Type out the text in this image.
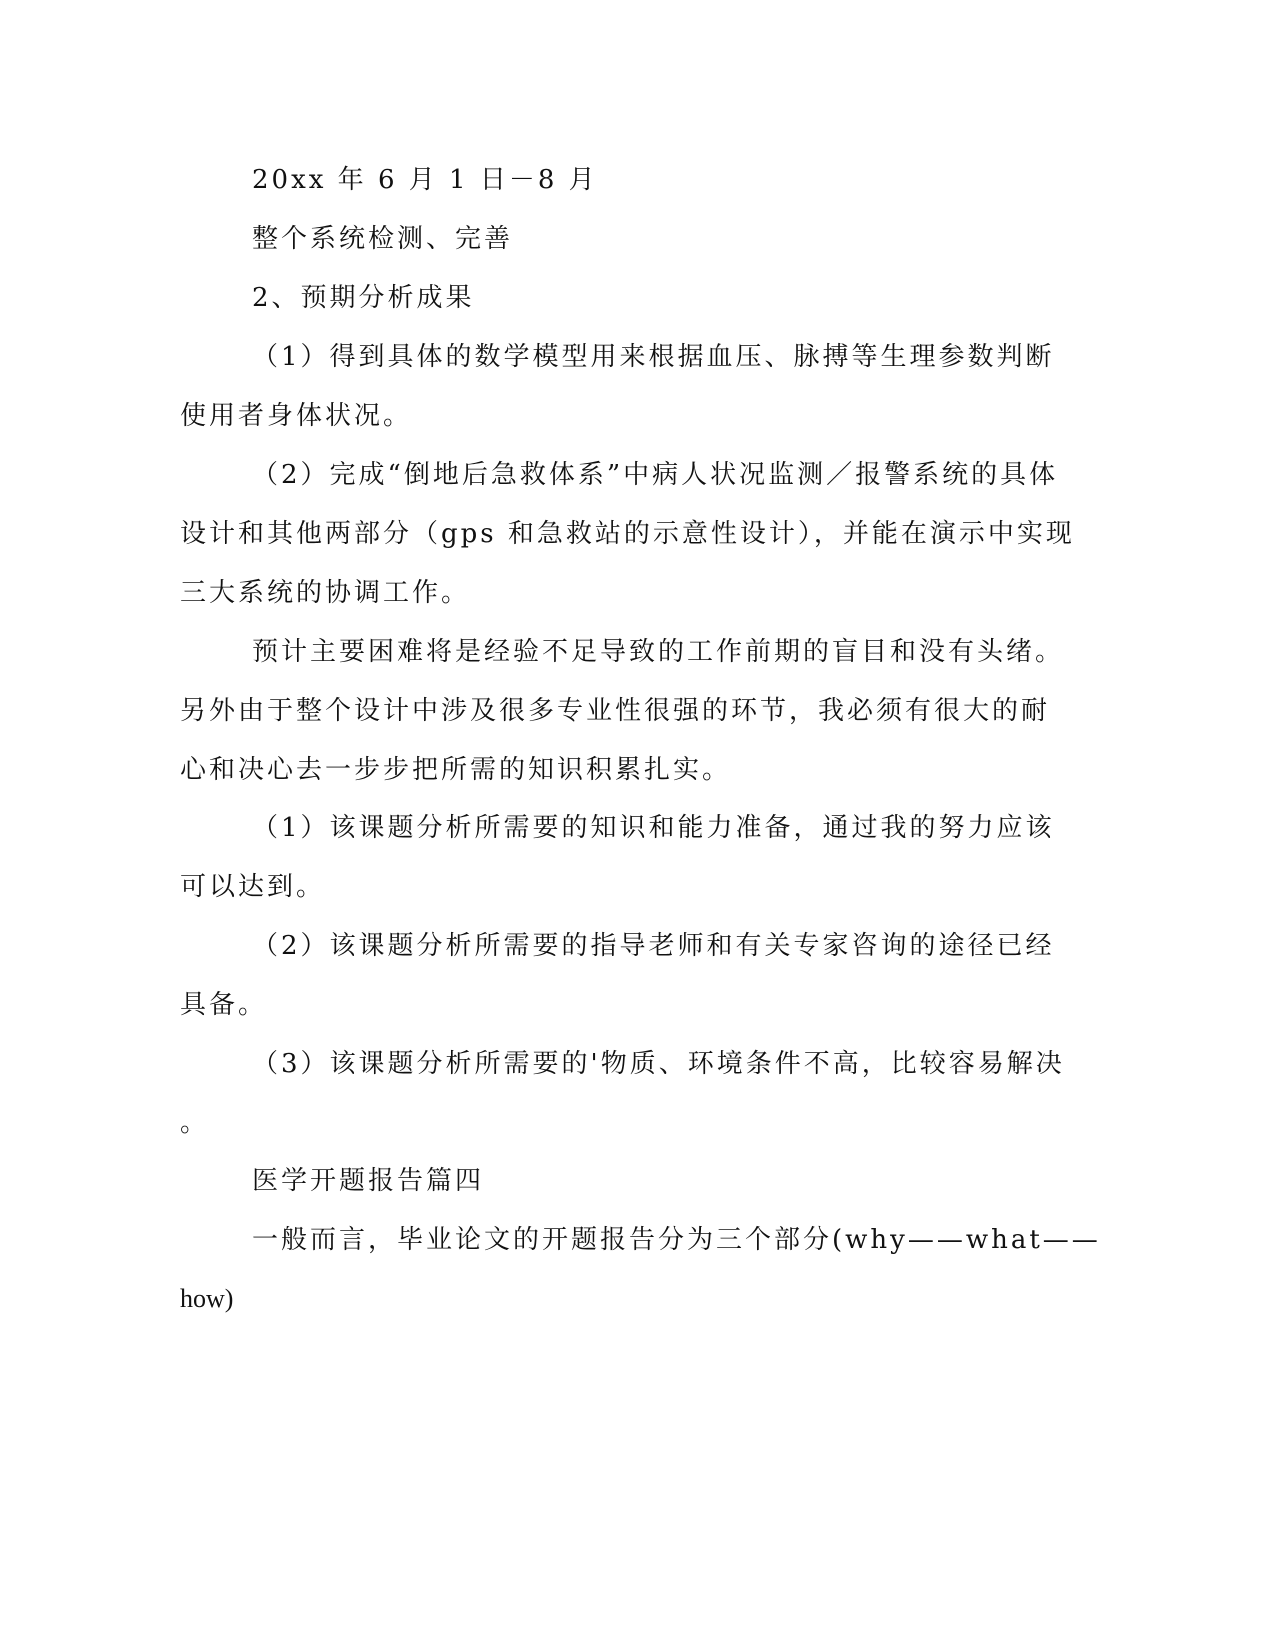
20xx 年 6 月 1 日－8 月
整个系统检测、完善
2、预期分析成果
（1）得到具体的数学模型用来根据血压、脉搏等生理参数判断
使用者身体状况。
（2）完成“倒地后急救体系”中病人状况监测／报警系统的具体
设计和其他两部分（gps 和急救站的示意性设计），并能在演示中实现
三大系统的协调工作。
预计主要困难将是经验不足导致的工作前期的盲目和没有头绪。
另外由于整个设计中涉及很多专业性很强的环节，我必须有很大的耐
心和决心去一步步把所需的知识积累扎实。
（1）该课题分析所需要的知识和能力准备，通过我的努力应该
可以达到。
（2）该课题分析所需要的指导老师和有关专家咨询的途径已经
具备。
（3）该课题分析所需要的'物质、环境条件不高，比较容易解决
。
医学开题报告篇四
一般而言，毕业论文的开题报告分为三个部分(why——what——
how)
